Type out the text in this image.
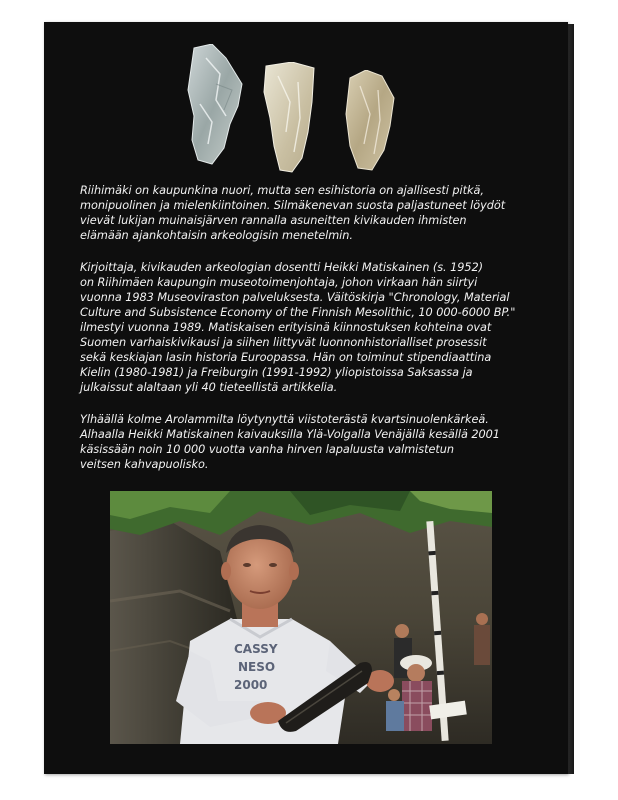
Riihimäki on kaupunkina nuori, mutta sen esihistoria on ajallisesti pitkä,
monipuolinen ja mielenkiintoinen. Silmäkenevan suosta paljastuneet löydöt
vievät lukijan muinaisjärven rannalla asuneitten kivikauden ihmisten
elämään ajankohtaisin arkeologisin menetelmin.

Kirjoittaja, kivikauden arkeologian dosentti Heikki Matiskainen (s. 1952)
on Riihimäen kaupungin museotoimenjohtaja, johon virkaan hän siirtyi
vuonna 1983 Museoviraston palveluksesta. Väitöskirja "Chronology, Material
Culture and Subsistence Economy of the Finnish Mesolithic, 10 000-6000 BP."
ilmestyi vuonna 1989. Matiskaisen erityisinä kiinnostuksen kohteina ovat
Suomen varhaiskivikausi ja siihen liittyvät luonnonhistorialliset prosessit
sekä keskiajan lasin historia Euroopassa. Hän on toiminut stipendiaattina
Kielin (1980-1981) ja Freiburgin (1991-1992) yliopistoissa Saksassa ja
julkaissut alaltaan yli 40 tieteellistä artikkelia.

Ylhäällä kolme Arolammilta löytynyttä viistoterästä kvartsinuolenkärkeä.
Alhaalla Heikki Matiskainen kaivauksilla Ylä-Volgalla Venäjällä kesällä 2001
käsissään noin 10 000 vuotta vanha hirven lapaluusta valmistetun
veitsen kahvapuolisko.

CASSY
NESO
2000
